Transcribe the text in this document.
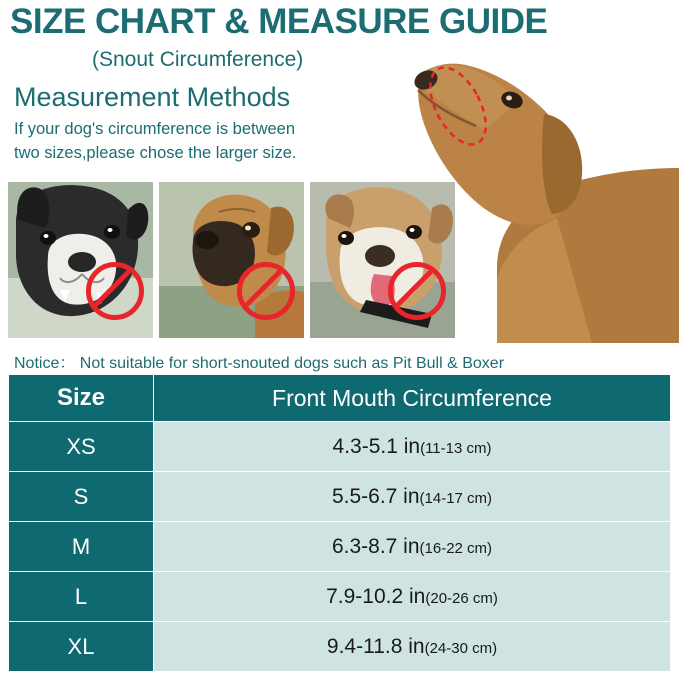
SIZE CHART & MEASURE GUIDE
(Snout Circumference)
Measurement Methods
If your dog's circumference is between
two sizes,please chose the larger size.
Notice： Not suitable for short-snouted dogs such as Pit Bull & Boxer
Size	Front Mouth Circumference
XS	4.3-5.1 in(11-13 cm)
S	5.5-6.7 in(14-17 cm)
M	6.3-8.7 in(16-22 cm)
L	7.9-10.2 in(20-26 cm)
XL	9.4-11.8 in(24-30 cm)
